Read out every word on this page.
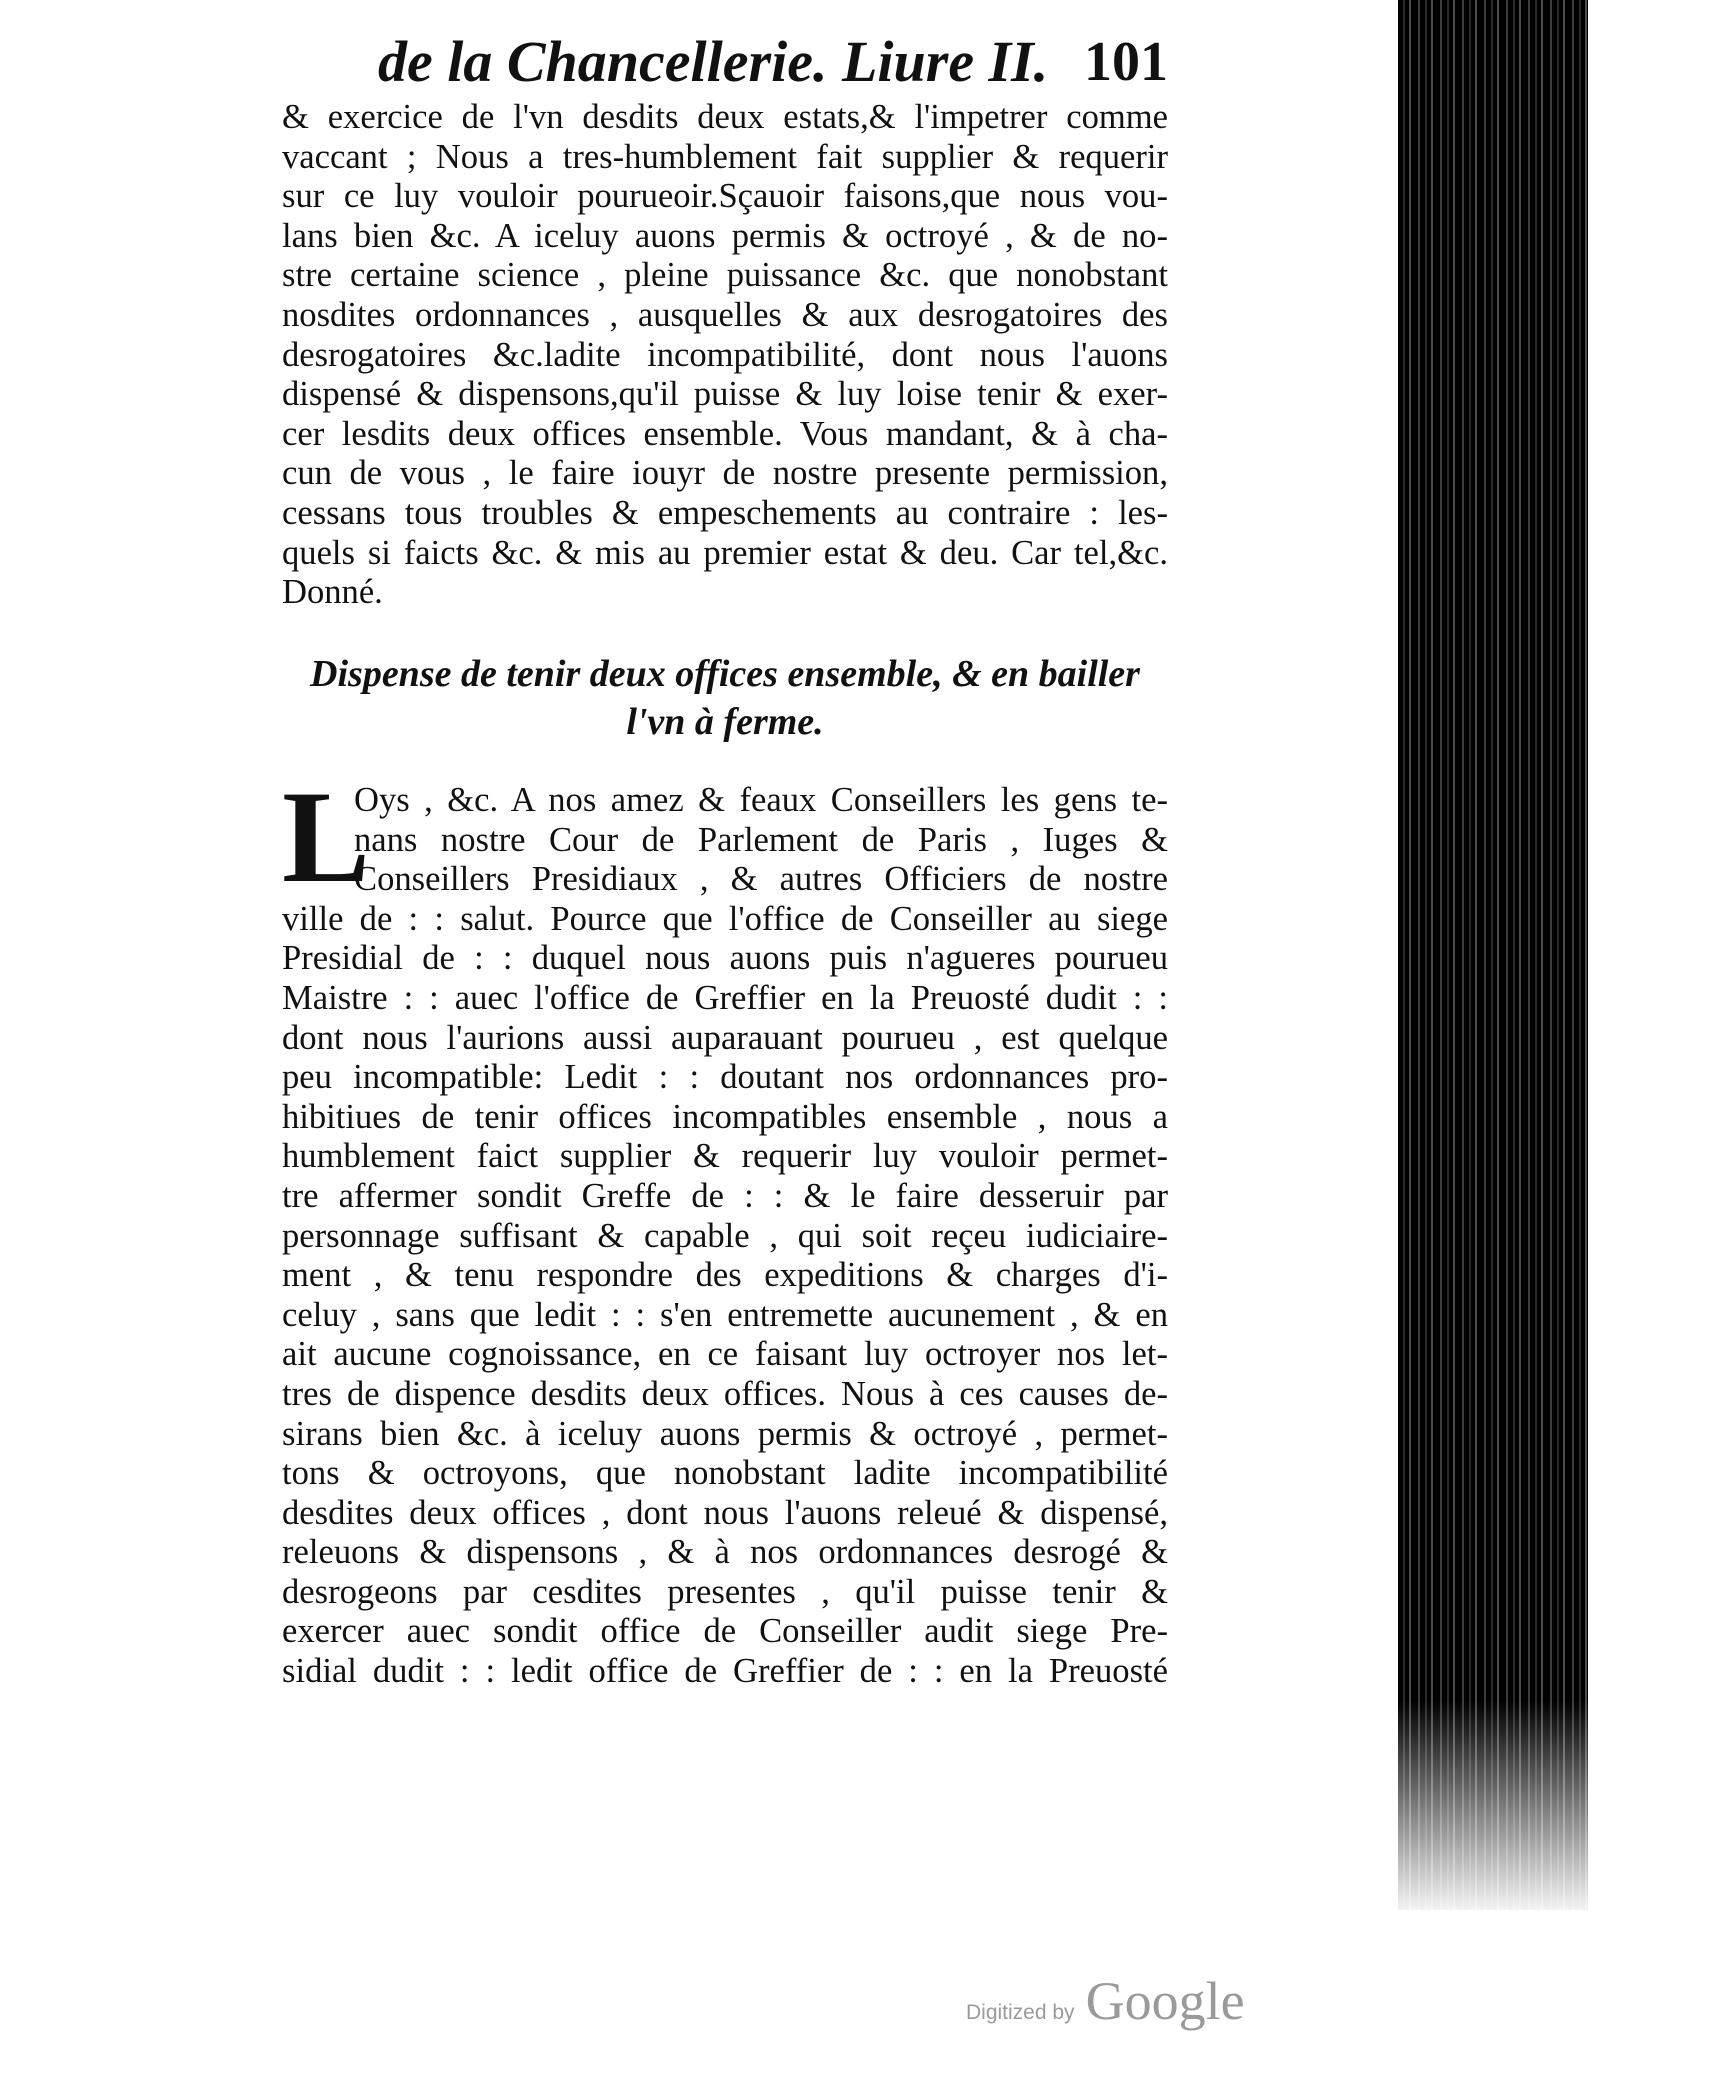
de la Chancellerie. Liure II. 101
& exercice de l'vn desdits deux estats,& l'impetrer comme
vaccant ; Nous a tres-humblement fait supplier & requerir
sur ce luy vouloir pourueoir.Sçauoir faisons,que nous vou-
lans bien &c. A iceluy auons permis & octroyé , & de no-
stre certaine science , pleine puissance &c. que nonobstant
nosdites ordonnances , ausquelles & aux desrogatoires des
desrogatoires &c.ladite incompatibilité, dont nous l'auons
dispensé & dispensons,qu'il puisse & luy loise tenir & exer-
cer lesdits deux offices ensemble. Vous mandant, & à cha-
cun de vous , le faire iouyr de nostre presente permission,
cessans tous troubles & empeschements au contraire : les-
quels si faicts &c. & mis au premier estat & deu. Car tel,&c.
Donné.
Dispense de tenir deux offices ensemble, & en bailler
l'vn à ferme.
L
Oys , &c. A nos amez & feaux Conseillers les gens te-
nans nostre Cour de Parlement de Paris , Iuges &
Conseillers Presidiaux , & autres Officiers de nostre
ville de : : salut. Pource que l'office de Conseiller au siege
Presidial de : : duquel nous auons puis n'agueres pourueu
Maistre : : auec l'office de Greffier en la Preuosté dudit : :
dont nous l'aurions aussi auparauant pourueu , est quelque
peu incompatible: Ledit : : doutant nos ordonnances pro-
hibitiues de tenir offices incompatibles ensemble , nous a
humblement faict supplier & requerir luy vouloir permet-
tre affermer sondit Greffe de : : & le faire desseruir par
personnage suffisant & capable , qui soit reçeu iudiciaire-
ment , & tenu respondre des expeditions & charges d'i-
celuy , sans que ledit : : s'en entremette aucunement , & en
ait aucune cognoissance, en ce faisant luy octroyer nos let-
tres de dispence desdits deux offices. Nous à ces causes de-
sirans bien &c. à iceluy auons permis & octroyé , permet-
tons & octroyons, que nonobstant ladite incompatibilité
desdites deux offices , dont nous l'auons releué & dispensé,
releuons & dispensons , & à nos ordonnances desrogé &
desrogeons par cesdites presentes , qu'il puisse tenir &
exercer auec sondit office de Conseiller audit siege Pre-
sidial dudit : : ledit office de Greffier de : : en la Preuosté
Digitized by Google
